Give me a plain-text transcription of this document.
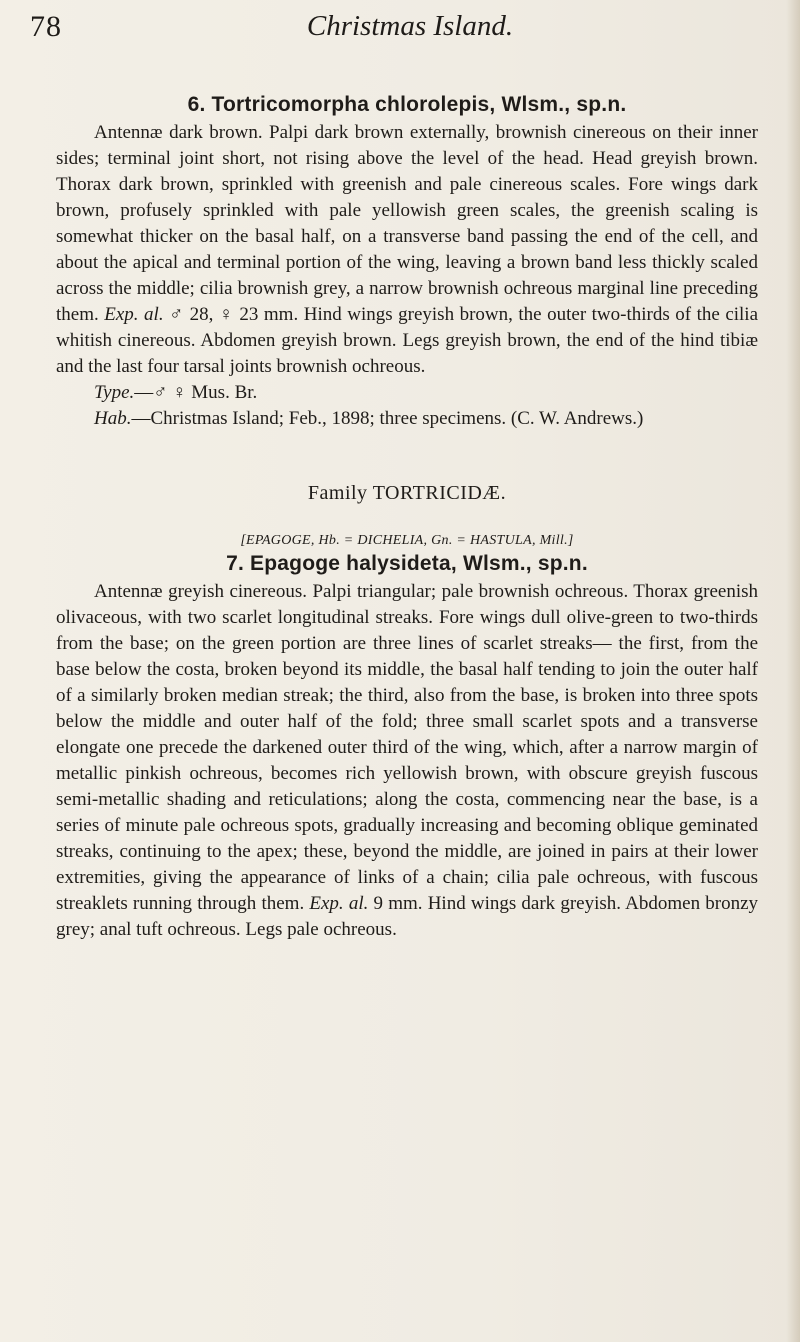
78	Christmas Island.
6. Tortricomorpha chlorolepis, Wlsm., sp.n.

Antennæ dark brown. Palpi dark brown externally, brownish cinereous on their inner sides; terminal joint short, not rising above the level of the head. Head greyish brown. Thorax dark brown, sprinkled with greenish and pale cinereous scales. Fore wings dark brown, profusely sprinkled with pale yellowish green scales, the greenish scaling is somewhat thicker on the basal half, on a transverse band passing the end of the cell, and about the apical and terminal portion of the wing, leaving a brown band less thickly scaled across the middle; cilia brownish grey, a narrow brownish ochreous marginal line preceding them. Exp. al. ♂ 28, ♀ 23 mm. Hind wings greyish brown, the outer two-thirds of the cilia whitish cinereous. Abdomen greyish brown. Legs greyish brown, the end of the hind tibiæ and the last four tarsal joints brownish ochreous.

Type.—♂ ♀ Mus. Br.

Hab.—Christmas Island; Feb., 1898; three specimens. (C. W. Andrews.)

Family TORTRICIDÆ.
[EPAGOGE, Hb. = DICHELIA, Gn. = HASTULA, Mill.]
7. Epagoge halysideta, Wlsm., sp.n.

Antennæ greyish cinereous. Palpi triangular; pale brownish ochreous. Thorax greenish olivaceous, with two scarlet longitudinal streaks. Fore wings dull olive-green to two-thirds from the base; on the green portion are three lines of scarlet streaks— the first, from the base below the costa, broken beyond its middle, the basal half tending to join the outer half of a similarly broken median streak; the third, also from the base, is broken into three spots below the middle and outer half of the fold; three small scarlet spots and a transverse elongate one precede the darkened outer third of the wing, which, after a narrow margin of metallic pinkish ochreous, becomes rich yellowish brown, with obscure greyish fuscous semi-metallic shading and reticulations; along the costa, commencing near the base, is a series of minute pale ochreous spots, gradually increasing and becoming oblique geminated streaks, continuing to the apex; these, beyond the middle, are joined in pairs at their lower extremities, giving the appearance of links of a chain; cilia pale ochreous, with fuscous streaklets running through them. Exp. al. 9 mm. Hind wings dark greyish. Abdomen bronzy grey; anal tuft ochreous. Legs pale ochreous.
